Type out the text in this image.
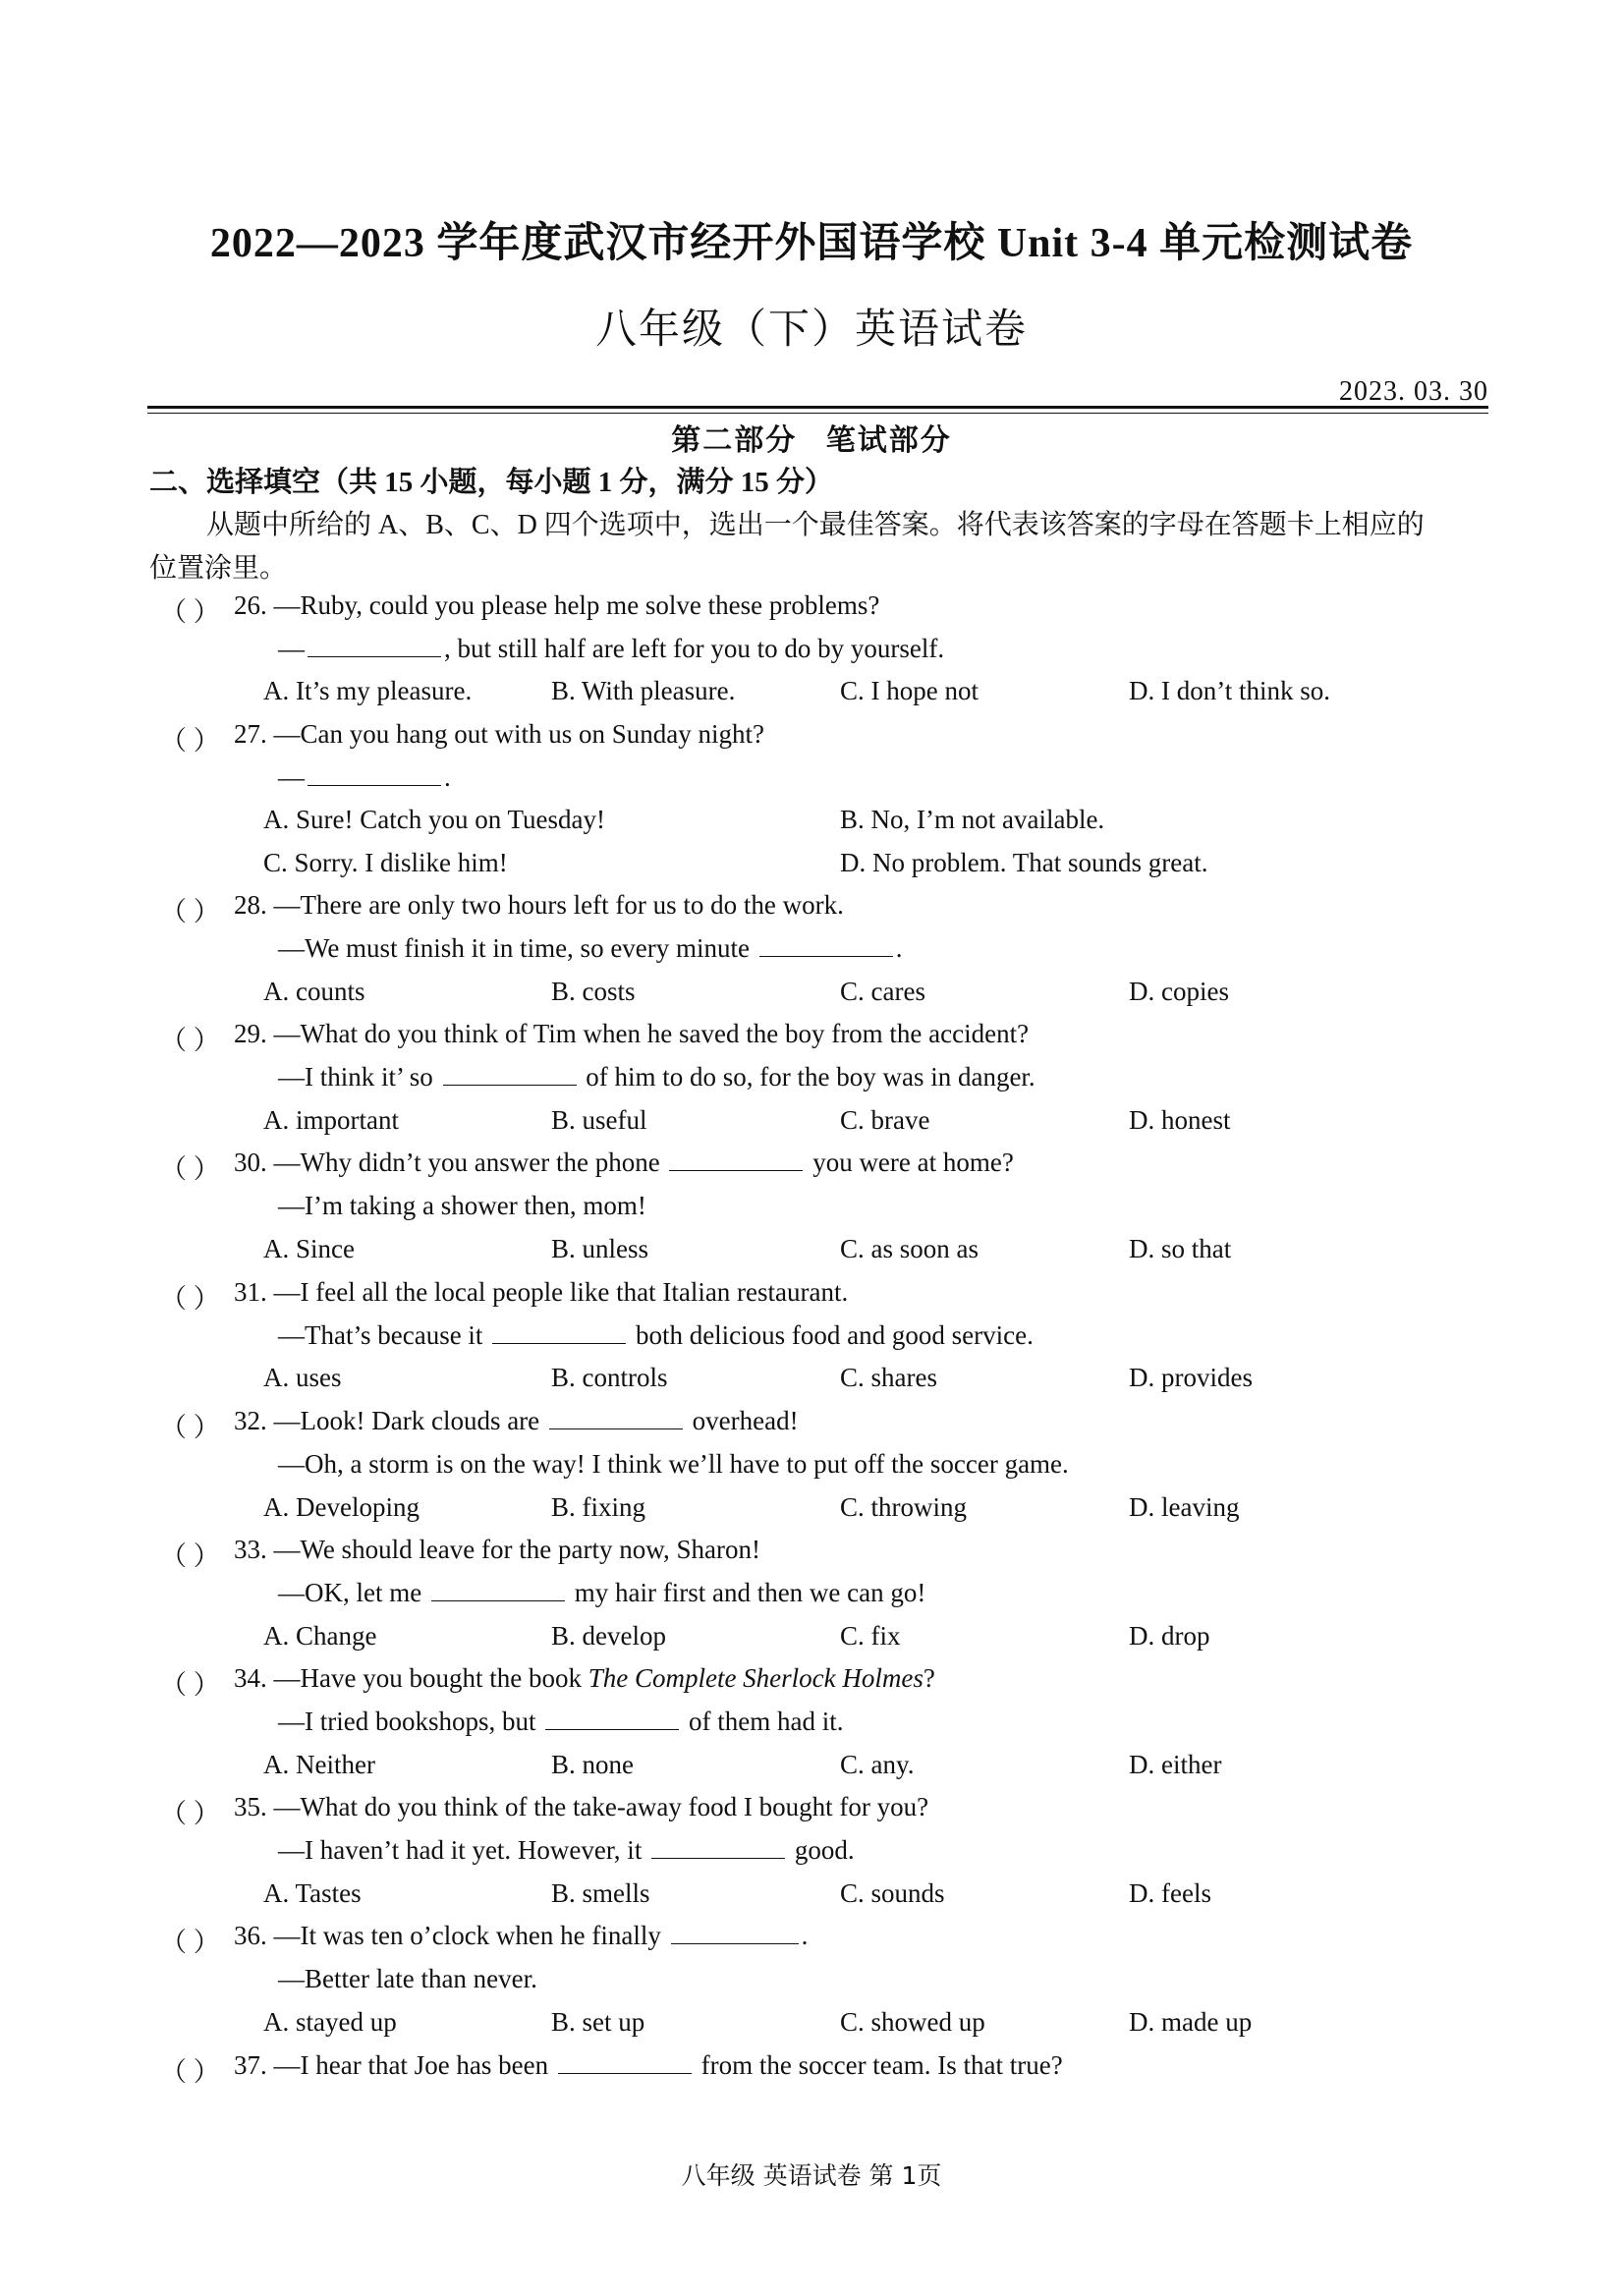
2022—2023 学年度武汉市经开外国语学校 Unit 3-4 单元检测试卷
八年级（下）英语试卷
2023. 03. 30
第二部分 笔试部分
二、选择填空（共 15 小题，每小题 1 分，满分 15 分）
从题中所给的 A、B、C、D 四个选项中，选出一个最佳答案。将代表该答案的字母在答题卡上相应的
位置涂里。
（ ） 26. —Ruby, could you please help me solve these problems?
—	, but still half are left for you to do by yourself.
A. It’s my pleasure.	B. With pleasure.	C. I hope not	D. I don’t think so.
（ ） 27. —Can you hang out with us on Sunday night?
—	.
A. Sure! Catch you on Tuesday!	B. No, I’m not available.
C. Sorry. I dislike him!	D. No problem. That sounds great.
（ ） 28. —There are only two hours left for us to do the work.
—We must finish it in time, so every minute	.
A. counts	B. costs	C. cares	D. copies
（ ） 29. —What do you think of Tim when he saved the boy from the accident?
—I think it’ so	of him to do so, for the boy was in danger.
A. important	B. useful	C. brave	D. honest
（ ） 30. —Why didn’t you answer the phone	you were at home?
—I’m taking a shower then, mom!
A. Since	B. unless	C. as soon as	D. so that
（ ） 31. —I feel all the local people like that Italian restaurant.
—That’s because it	both delicious food and good service.
A. uses	B. controls	C. shares	D. provides
（ ） 32. —Look! Dark clouds are	overhead!
—Oh, a storm is on the way! I think we’ll have to put off the soccer game.
A. Developing	B. fixing	C. throwing	D. leaving
（ ） 33. —We should leave for the party now, Sharon!
—OK, let me	my hair first and then we can go!
A. Change	B. develop	C. fix	D. drop
（ ） 34. —Have you bought the book The Complete Sherlock Holmes?
—I tried bookshops, but	of them had it.
A. Neither	B. none	C. any.	D. either
（ ） 35. —What do you think of the take-away food I bought for you?
—I haven’t had it yet. However, it	good.
A. Tastes	B. smells	C. sounds	D. feels
（ ） 36. —It was ten o’clock when he finally	.
—Better late than never.
A. stayed up	B. set up	C. showed up	D. made up
（ ） 37. —I hear that Joe has been	from the soccer team. Is that true?
八年级 英语试卷 第 1页
